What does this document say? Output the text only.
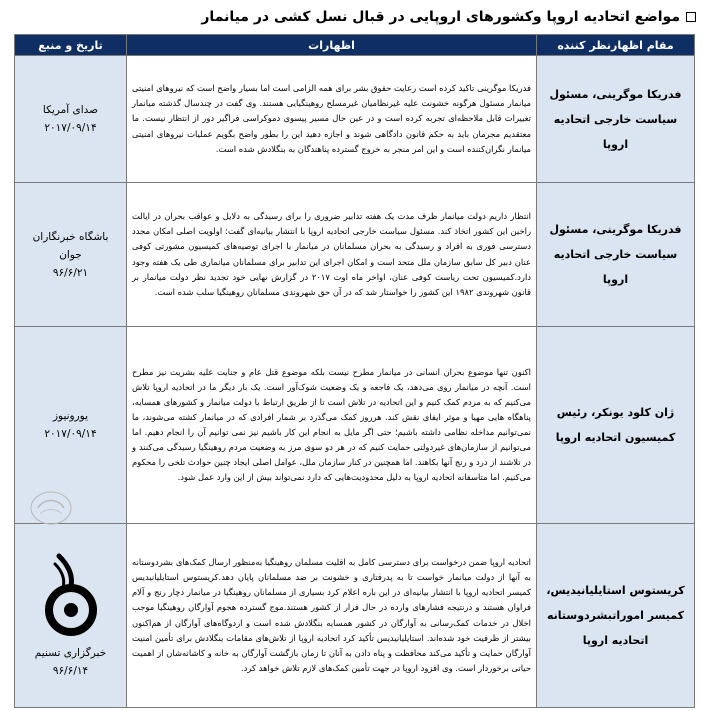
مواضع اتحادیه اروپا وکشورهای اروپایی در قبال نسل کشی در میانمار
مقام اظهارنظر کننده	اظهارات	تاریخ و منبع
فدریکا موگرینی، مسئول سیاست خارجی اتحادیه اروپا	فدریکا موگرینی تاکید کرده است رعایت حقوق بشر برای همه الزامی است اما بسیار واضح است که نیروهای امنیتی میانمار مسئول هرگونه خشونت علیه غیرنظامیان غیرمسلح روهینگیایی هستند. وی گفت در چندسال گذشته میانمار تغییرات قابل ملاحظه‌ای تجربه کرده است و در عین حال مسیر پیسوی دموکراسی فراگیر دور از انتظار نیست. ما معتقدیم مجرمان باید به حکم قانون دادگاهی شوند و اجازه دهید این را بطور واضح بگویم عملیات نیروهای امنیتی میانمار نگران‌کننده است و این امر منجر به خروج گسترده پناهندگان به بنگلادش شده است.	صدای آمریکا
۲۰۱۷/۰۹/۱۴

فدریکا موگرینی، مسئول سیاست خارجی اتحادیه اروپا	انتظار داریم دولت میانمار ظرف مدت یک هفته تدابیر ضروری را برای رسیدگی به دلایل و عواقب بحران در ایالت راخین این کشور اتخاذ کند. مسئول سیاست خارجی اتحادیه اروپا با انتشار بیانیه‌ای گفت: اولویت اصلی امکان مجدد دسترسی فوری به افراد و رسیدگی به بحران مسلمانان در میانمار با اجرای توصیه‌های کمیسیون مشورتی کوفی عنان دبیر کل سابق سازمان ملل متحد است و امکان اجرای این تدابیر برای مسلمانان میانماری طی یک هفته وجود دارد.کمیسیون تحت ریاست کوفی عنان، اواخر ماه اوت ۲۰۱۷ در گزارش نهایی خود تجدید نظر دولت میانمار بر قانون شهروندی ۱۹۸۲ این کشور را خواستار شد که در آن حق شهروندی مسلمانان روهینگیا سلب شده است.	باشگاه خبرنگاران جوان
۹۶/۶/۲۱

ژان کلود یونکر، رئیس کمیسیون اتحادیه اروپا	اکنون تنها موضوع بحران انسانی در میانمار مطرح نیست بلکه موضوع قتل عام و جنایت علیه بشریت نیز مطرح است. آنچه در میانمار روی می‌دهد، یک فاجعه و یک وضعیت شوک‌آور است. یک بار دیگر ما در اتحادیه اروپا تلاش می‌کنیم که به مردم کمک کنیم و این اتحادیه در تلاش است تا از طریق ارتباط با دولت میانمار و کشورهای همسایه، پناهگاه هایی مهیا و موثر ایفای نقش کند. هرروز کمک می‌گذرد بر شمار افرادی که در میانمار کشته می‌شوند، ما نمی‌توانیم مداخله نظامی داشته باشیم؛ حتی اگر مایل به انجام این کار باشیم نیز نمی توانیم آن را انجام دهیم. اما می‌توانیم از سازمان‌های غیردولتی حمایت کنیم که در هر دو سوی مرز به وضعیت مردم روهینگیا رسیدگی می‌کنند و در تلاشند از درد و رنج آنها بکاهند. اما همچنین در کنار سازمان ملل، عوامل اصلی ایجاد چنین حوادث تلخی را محکوم می‌کنیم. اما متاسفانه اتحادیه اروپا به دلیل محدودیت‌هایی که دارد نمی‌تواند بیش از این وارد عمل شود.	یورونیوز
۲۰۱۷/۰۹/۱۴

کریستوس استایلیانیدیس، کمیسر اموراتبشردوستانه اتحادیه اروپا	اتحادیه اروپا ضمن درخواست برای دسترسی کامل به اقلیت مسلمان روهینگیا به‌منظور ارسال کمک‌های بشردوستانه به آنها از دولت میانمار خواست تا به پدرفتاری و خشونت بر ضد مسلمانان پایان دهد.کریستوس استایلیانیدیس کمیسر اتحادیه اروپا با انتشار بیانیه‌ای در این باره اعلام کرد بسیاری از مسلمانان روهینگیا در میانمار دچار رنج و آلام فراوان هستند و درنتیجه فشارهای وارده در حال فرار از کشور هستند.موج گسترده هجوم آوارگان روهینگیا موجب اخلال در خدمات کمک‌رسانی به آوارگان در کشور همسایه بنگلادش شده است و اردوگاه‌های آوارگان از هم‌اکنون بیشتر از ظرفیت خود شده‌اند. استایلیانیدیس تأکید کرد اتحادیه اروپا از تلاش‌های مقامات بنگلادش برای تأمین امنیت آوارگان حمایت و تأکید می‌کند محافظت و پناه دادن به آنان تا زمان بازگشت آوارگان به خانه و کاشانه‌شان از اهمیت حیاتی برخوردار است. وی افزود اروپا در جهت تأمین کمک‌های لازم تلاش خواهد کرد.	خبرگزاری تسنیم
۹۶/۶/۱۴
